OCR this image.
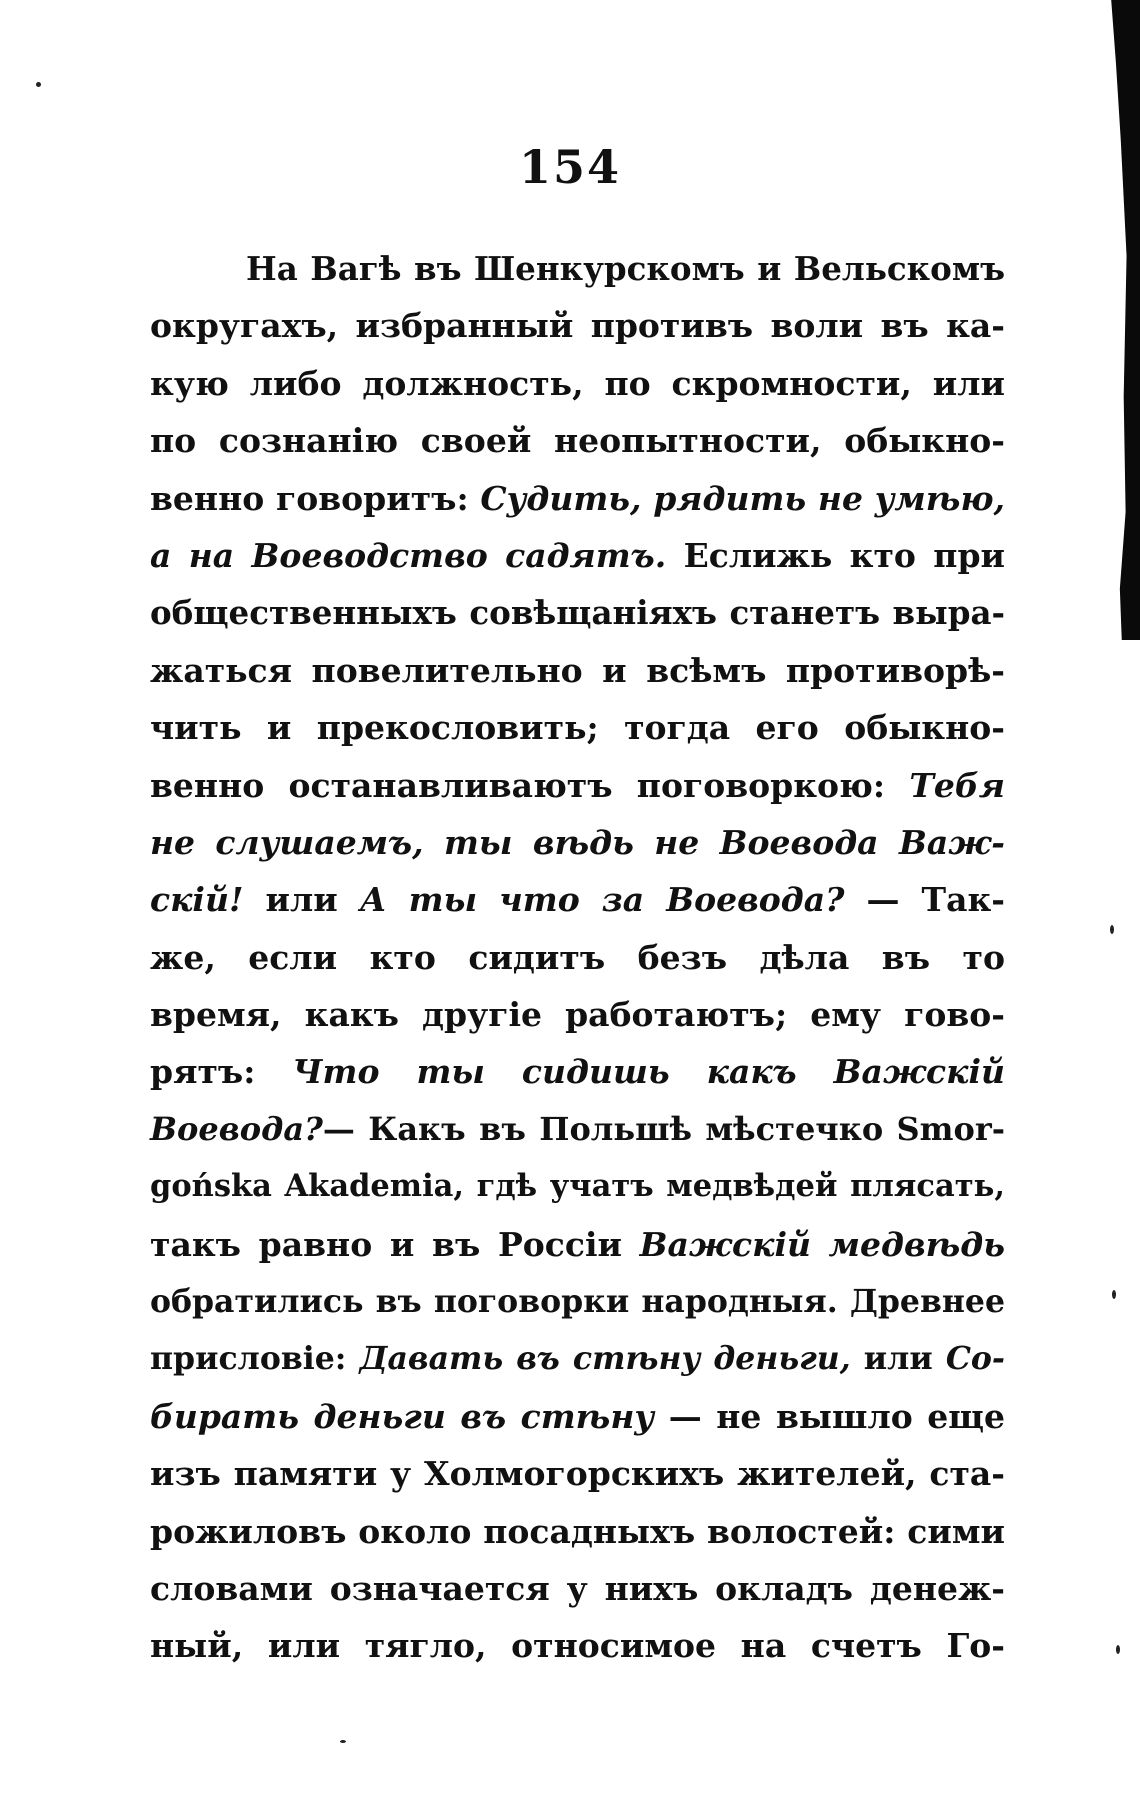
154
На Вагѣ въ Шенкурскомъ и Вельскомъ
округахъ, избранный противъ воли въ ка-
кую либо должность, по скромности, или
по сознанію своей неопытности, обыкно-
венно говоритъ: Судить, рядить не умѣю,
а на Воеводство садятъ. Еслижь кто при
общественныхъ совѣщаніяхъ станетъ выра-
жаться повелительно и всѣмъ противорѣ-
чить и прекословить; тогда его обыкно-
венно останавливаютъ поговоркою: Тебя
не слушаемъ, ты вѣдь не Воевода Важ-
скій! или А ты что за Воевода? — Так-
же, если кто сидитъ безъ дѣла въ то
время, какъ другіе работаютъ; ему гово-
рятъ: Что ты сидишь какъ Важскій
Воевода?— Какъ въ Польшѣ мѣстечко Smor-
gońska Akademia, гдѣ учатъ медвѣдей плясать,
такъ равно и въ Россіи Важскій медвѣдь
обратились въ поговорки народныя. Древнее
присловіе: Давать въ стѣну деньги, или Со-
бирать деньги въ стѣну — не вышло еще
изъ памяти у Холмогорскихъ жителей, ста-
рожиловъ около посадныхъ волостей: сими
словами означается у нихъ окладъ денеж-
ный, или тягло, относимое на счетъ Го-
